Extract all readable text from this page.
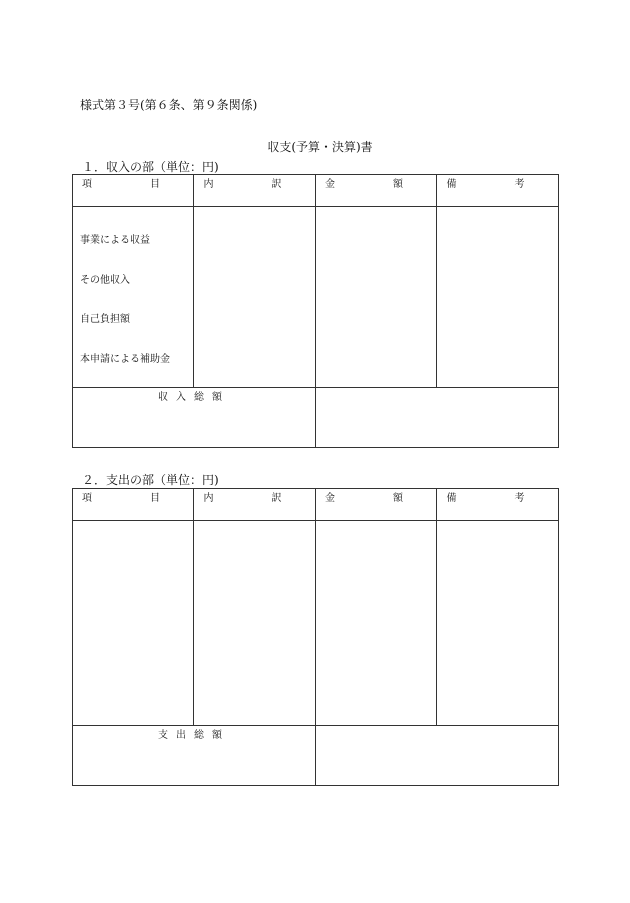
様式第３号(第６条、第９条関係)
収支(予算・決算)書
１．収入の部（単位：円)
項　目	内　訳	金　額	備　考

事業による収益
その他収入
自己負担額
本申請による補助金			

収入総額			
２．支出の部（単位：円)
項　目	内　訳	金　額	備　考

支出総額			
